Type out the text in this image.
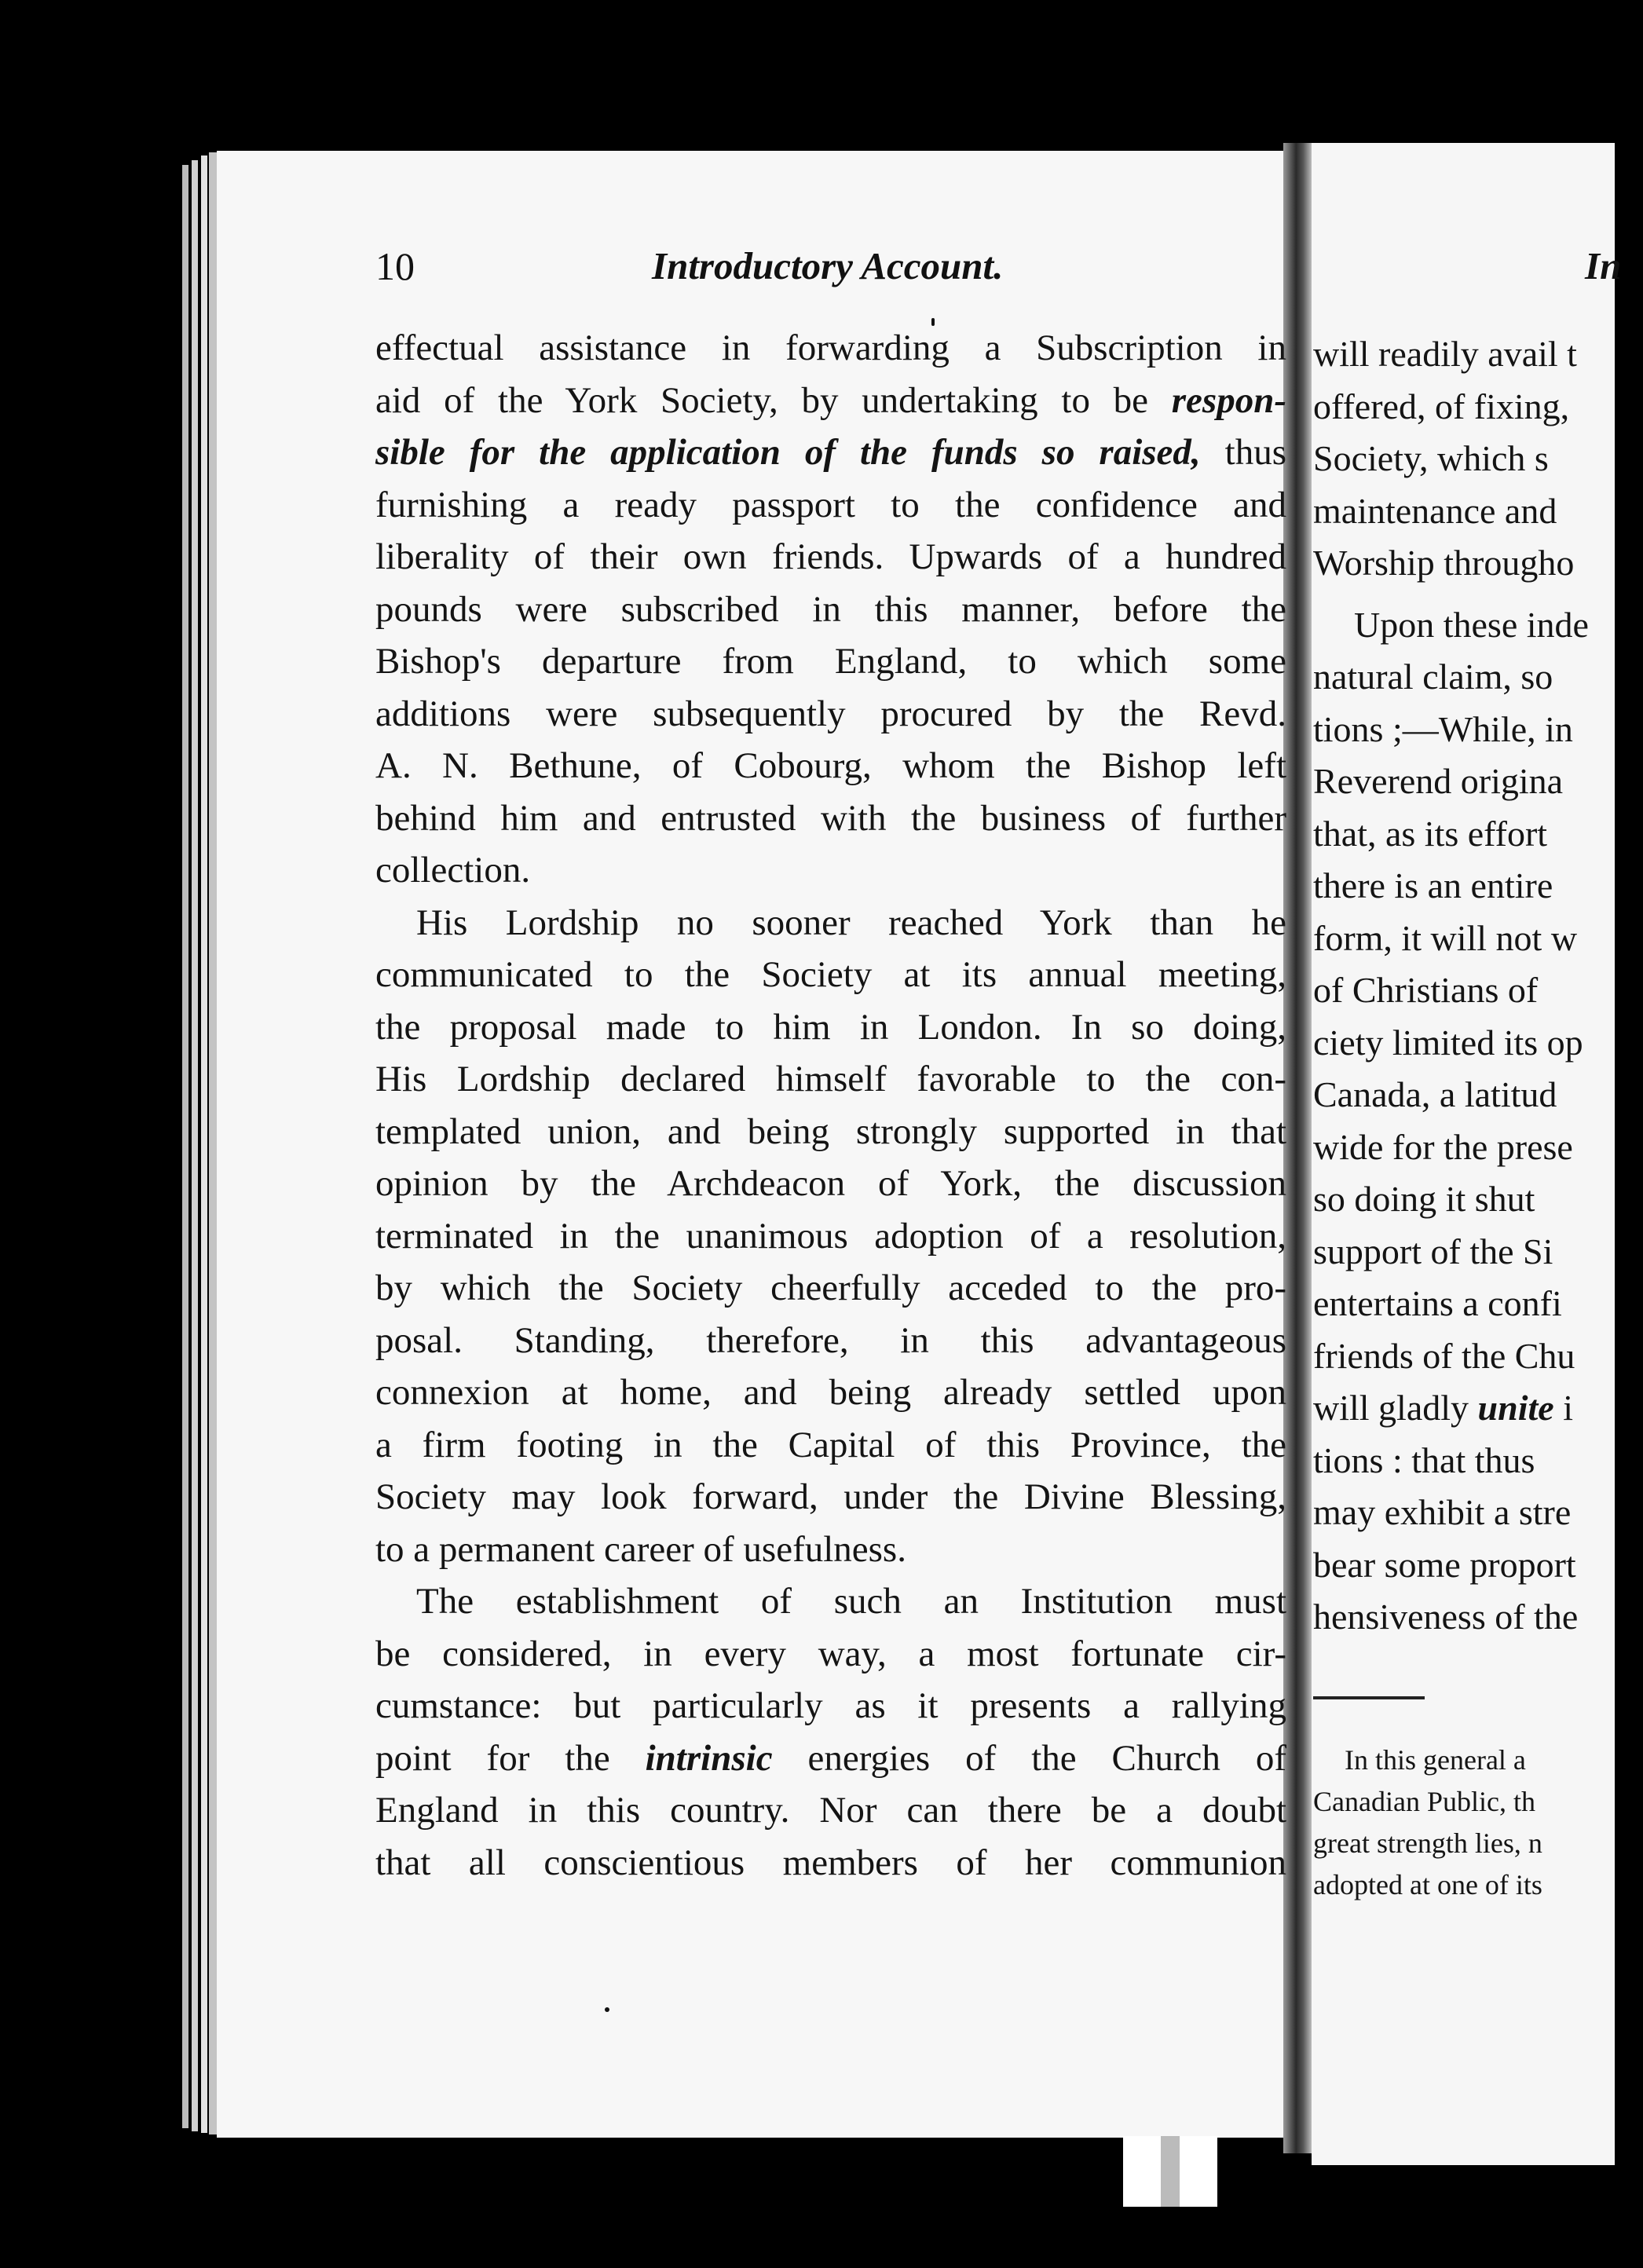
10	Introductory Account.
effectual assistance in forwarding a Subscription in
aid of the York Society, by undertaking to be respon-
sible for the application of the funds so raised, thus
furnishing a ready passport to the confidence and
liberality of their own friends. Upwards of a hundred
pounds were subscribed in this manner, before the
Bishop's departure from England, to which some
additions were subsequently procured by the Revd.
A. N. Bethune, of Cobourg, whom the Bishop left
behind him and entrusted with the business of further
collection.
His Lordship no sooner reached York than he
communicated to the Society at its annual meeting,
the proposal made to him in London. In so doing,
His Lordship declared himself favorable to the con-
templated union, and being strongly supported in that
opinion by the Archdeacon of York, the discussion
terminated in the unanimous adoption of a resolution,
by which the Society cheerfully acceded to the pro-
posal. Standing, therefore, in this advantageous
connexion at home, and being already settled upon
a firm footing in the Capital of this Province, the
Society may look forward, under the Divine Blessing,
to a permanent career of usefulness.
The establishment of such an Institution must
be considered, in every way, a most fortunate cir-
cumstance: but particularly as it presents a rallying
point for the intrinsic energies of the Church of
England in this country. Nor can there be a doubt
that all conscientious members of her communion
In
will readily avail t
offered, of fixing,
Society, which s
maintenance and
Worship througho
Upon these inde
natural claim, so
tions ;—While, in
Reverend origina
that, as its effort
there is an entire
form, it will not w
of Christians of
ciety limited its op
Canada, a latitud
wide for the prese
so doing it shut
support of the Si
entertains a confi
friends of the Chu
will gladly unite i
tions : that thus
may exhibit a stre
bear some proport
hensiveness of the
In this general a
Canadian Public, th
great strength lies, n
adopted at one of its
